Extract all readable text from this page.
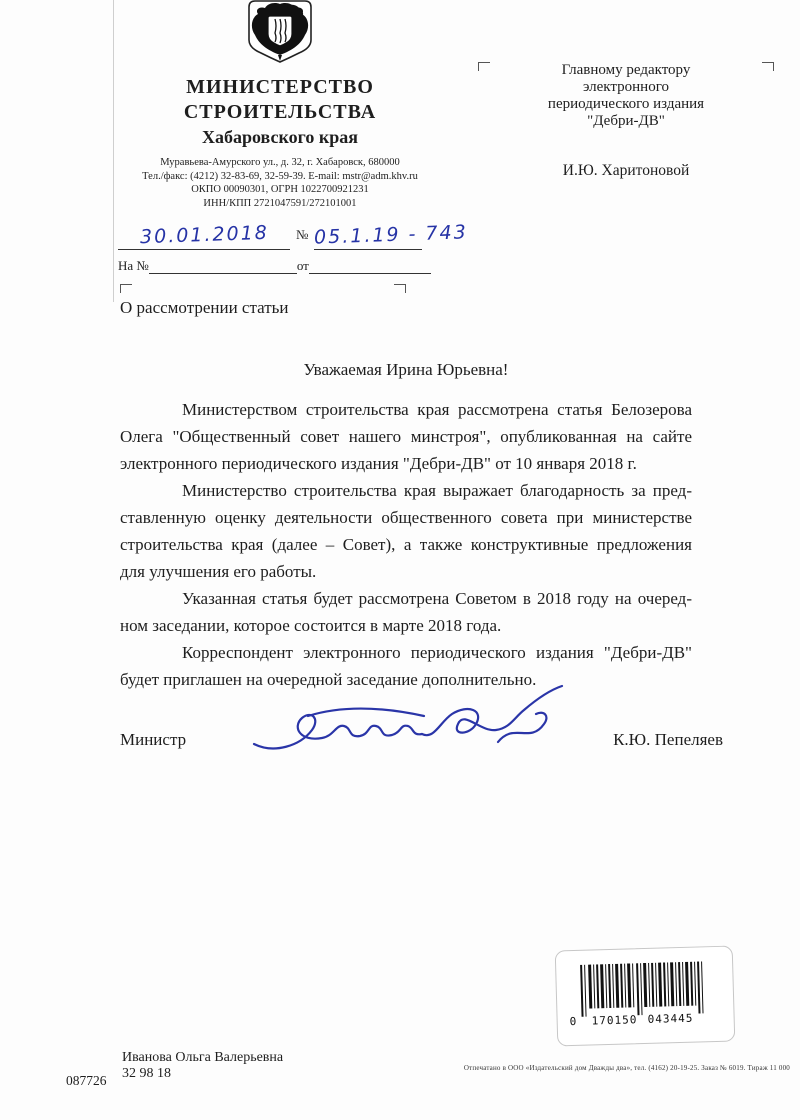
МИНИСТЕРСТВО
СТРОИТЕЛЬСТВА
Хабаровского края
Муравьева-Амурского ул., д. 32, г. Хабаровск, 680000
Тел./факс: (4212) 32-83-69, 32-59-39. E-mail: mstr@adm.khv.ru
ОКПО 00090301, ОГРН 1022700921231
ИНН/КПП 2721047591/272101001
Главному редактору
электронного
периодического издания
"Дебри-ДВ"
И.Ю. Харитоновой
30.01.2018 № 05.1.19 - 743
На №	от
О рассмотрении статьи
Уважаемая Ирина Юрьевна!
Министерством строительства края рассмотрена статья Белозерова
Олега "Общественный совет нашего минстроя", опубликованная на сайте
электронного периодического издания "Дебри-ДВ" от 10 января 2018 г.
Министерство строительства края выражает благодарность за пред-
ставленную оценку деятельности общественного совета при министерстве
строительства края (далее – Совет), а также конструктивные предложения
для улучшения его работы.
Указанная статья будет рассмотрена Советом в 2018 году на очеред-
ном заседании, которое состоится в марте 2018 года.
Корреспондент электронного периодического издания "Дебри-ДВ"
будет приглашен на очередной заседание дополнительно.
Министр	К.Ю. Пепеляев
0 170150 043445
Иванова Ольга Валерьевна
32 98 18
087726
Отпечатано в ООО «Издательский дом Дважды два», тел. (4162) 20-19-25. Заказ № 6019. Тираж 11 000
